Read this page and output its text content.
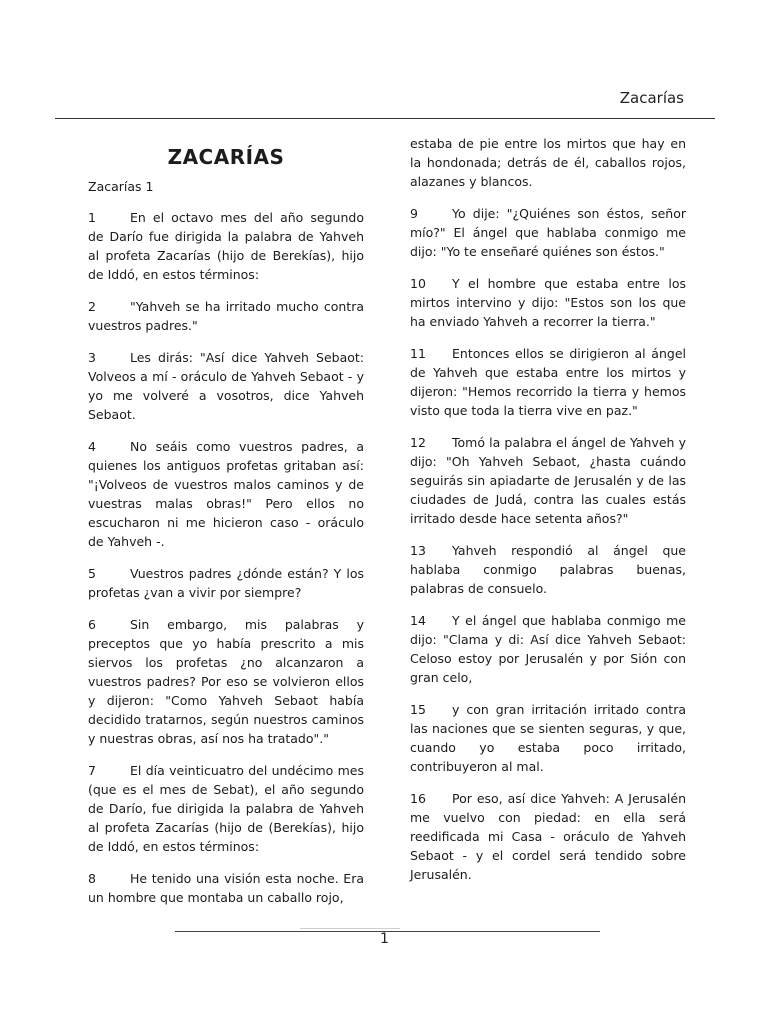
Zacarías
ZACARÍAS

Zacarías 1

1	En el octavo mes del año segundo de Darío fue dirigida la palabra de Yahveh al profeta Zacarías (hijo de Berekías), hijo de Iddó, en estos términos:
2	"Yahveh se ha irritado mucho contra vuestros padres."
3	Les dirás: "Así dice Yahveh Sebaot: Volveos a mí - oráculo de Yahveh Sebaot - y yo me volveré a vosotros, dice Yahveh Sebaot.
4	No seáis como vuestros padres, a quienes los antiguos profetas gritaban así: "¡Volveos de vuestros malos caminos y de vuestras malas obras!" Pero ellos no escucharon ni me hicieron caso - oráculo de Yahveh -.
5	Vuestros padres ¿dónde están? Y los profetas ¿van a vivir por siempre?
6	Sin embargo, mis palabras y preceptos que yo había prescrito a mis siervos los profetas ¿no alcanzaron a vuestros padres? Por eso se volvieron ellos y dijeron: "Como Yahveh Sebaot había decidido tratarnos, según nuestros caminos y nuestras obras, así nos ha tratado"."
7	El día veinticuatro del undécimo mes (que es el mes de Sebat), el año segundo de Darío, fue dirigida la palabra de Yahveh al profeta Zacarías (hijo de (Berekías), hijo de Iddó, en estos términos:
8	He tenido una visión esta noche. Era un hombre que montaba un caballo rojo,

estaba de pie entre los mirtos que hay en la hondonada; detrás de él, caballos rojos, alazanes y blancos.

9	Yo dije: "¿Quiénes son éstos, señor mío?" El ángel que hablaba conmigo me dijo: "Yo te enseñaré quiénes son éstos."
10 Y el hombre que estaba entre los mirtos intervino y dijo: "Estos son los que ha enviado Yahveh a recorrer la tierra."
11 Entonces ellos se dirigieron al ángel de Yahveh que estaba entre los mirtos y dijeron: "Hemos recorrido la tierra y hemos visto que toda la tierra vive en paz."
12 Tomó la palabra el ángel de Yahveh y dijo: "Oh Yahveh Sebaot, ¿hasta cuándo seguirás sin apiadarte de Jerusalén y de las ciudades de Judá, contra las cuales estás irritado desde hace setenta años?"
13 Yahveh respondió al ángel que hablaba conmigo palabras buenas, palabras de consuelo.
14 Y el ángel que hablaba conmigo me dijo: "Clama y di: Así dice Yahveh Sebaot: Celoso estoy por Jerusalén y por Sión con gran celo,
15 y con gran irritación irritado contra las naciones que se sienten seguras, y que, cuando yo estaba poco irritado, contribuyeron al mal.
16 Por eso, así dice Yahveh: A Jerusalén me vuelvo con piedad: en ella será reedificada mi Casa - oráculo de Yahveh Sebaot - y el cordel será tendido sobre Jerusalén.
1
